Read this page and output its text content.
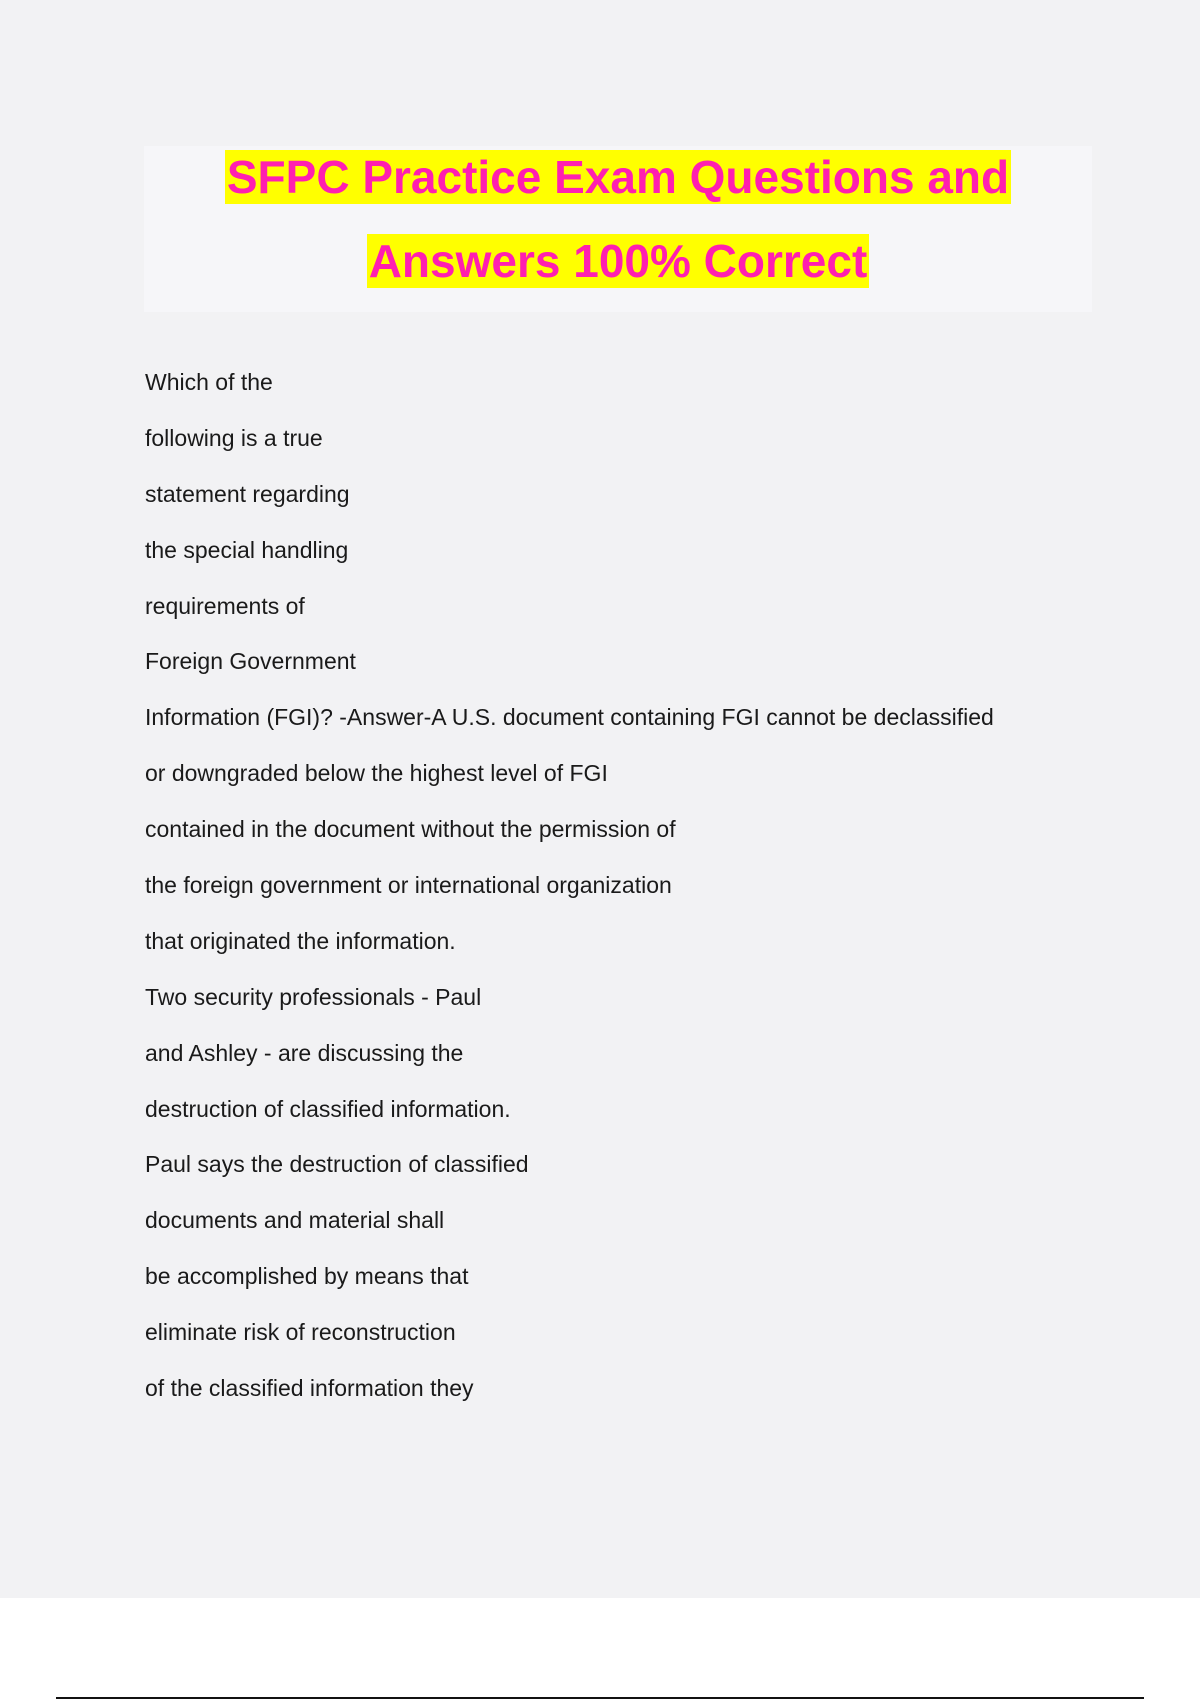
SFPC Practice Exam Questions and
Answers 100% Correct
Which of the
following is a true
statement regarding
the special handling
requirements of
Foreign Government
Information (FGI)? -Answer-A U.S. document containing FGI cannot be declassified
or downgraded below the highest level of FGI
contained in the document without the permission of
the foreign government or international organization
that originated the information.
Two security professionals - Paul
and Ashley - are discussing the
destruction of classified information.
Paul says the destruction of classified
documents and material shall
be accomplished by means that
eliminate risk of reconstruction
of the classified information they
